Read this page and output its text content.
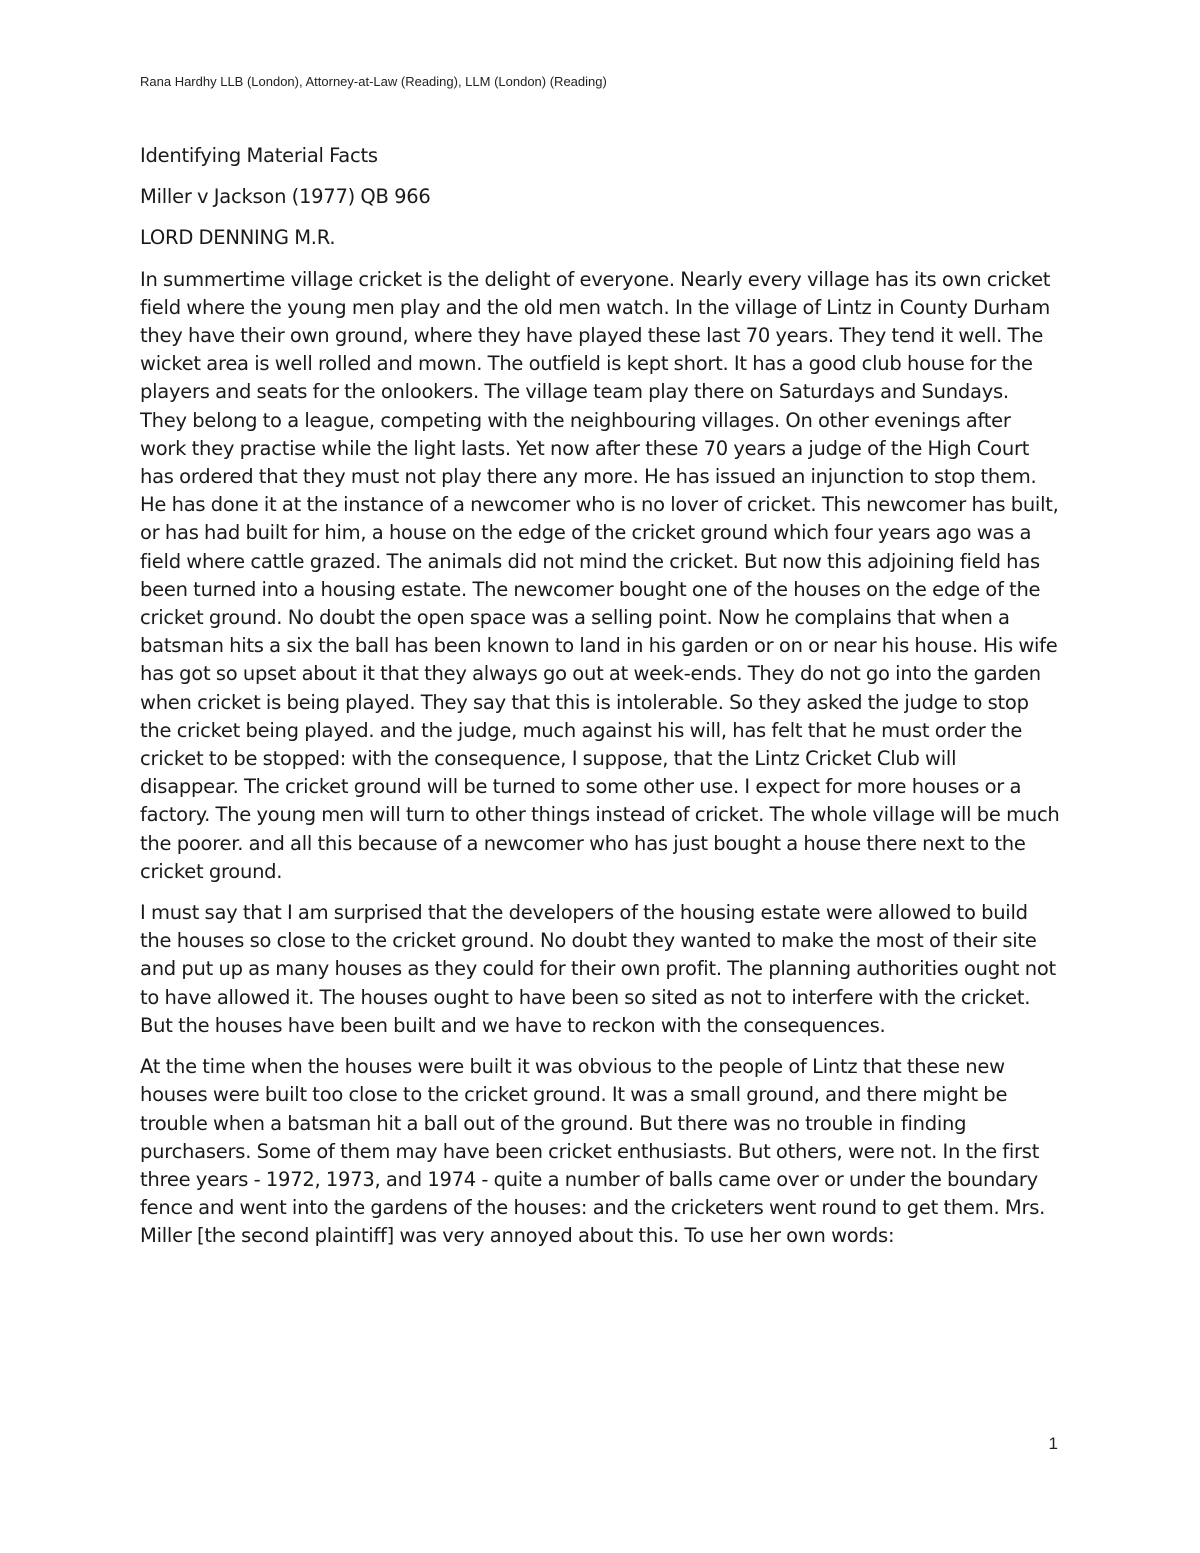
Rana Hardhy LLB (London), Attorney-at-Law (Reading), LLM (London) (Reading)

Identifying Material Facts

Miller v Jackson (1977) QB 966

LORD DENNING M.R.

In summertime village cricket is the delight of everyone. Nearly every village has its own cricket field where the young men play and the old men watch. In the village of Lintz in County Durham they have their own ground, where they have played these last 70 years. They tend it well. The wicket area is well rolled and mown. The outfield is kept short. It has a good club house for the players and seats for the onlookers. The village team play there on Saturdays and Sundays. They belong to a league, competing with the neighbouring villages. On other evenings after work they practise while the light lasts. Yet now after these 70 years a judge of the High Court has ordered that they must not play there any more. He has issued an injunction to stop them. He has done it at the instance of a newcomer who is no lover of cricket. This newcomer has built, or has had built for him, a house on the edge of the cricket ground which four years ago was a field where cattle grazed. The animals did not mind the cricket. But now this adjoining field has been turned into a housing estate. The newcomer bought one of the houses on the edge of the cricket ground. No doubt the open space was a selling point. Now he complains that when a batsman hits a six the ball has been known to land in his garden or on or near his house. His wife has got so upset about it that they always go out at week-ends. They do not go into the garden when cricket is being played. They say that this is intolerable. So they asked the judge to stop the cricket being played. and the judge, much against his will, has felt that he must order the cricket to be stopped: with the consequence, I suppose, that the Lintz Cricket Club will disappear. The cricket ground will be turned to some other use. I expect for more houses or a factory. The young men will turn to other things instead of cricket. The whole village will be much the poorer. and all this because of a newcomer who has just bought a house there next to the cricket ground.

I must say that I am surprised that the developers of the housing estate were allowed to build the houses so close to the cricket ground. No doubt they wanted to make the most of their site and put up as many houses as they could for their own profit. The planning authorities ought not to have allowed it. The houses ought to have been so sited as not to interfere with the cricket. But the houses have been built and we have to reckon with the consequences.

At the time when the houses were built it was obvious to the people of Lintz that these new houses were built too close to the cricket ground. It was a small ground, and there might be trouble when a batsman hit a ball out of the ground. But there was no trouble in finding purchasers. Some of them may have been cricket enthusiasts. But others, were not. In the first three years - 1972, 1973, and 1974 - quite a number of balls came over or under the boundary fence and went into the gardens of the houses: and the cricketers went round to get them. Mrs. Miller [the second plaintiff] was very annoyed about this. To use her own words:

1
